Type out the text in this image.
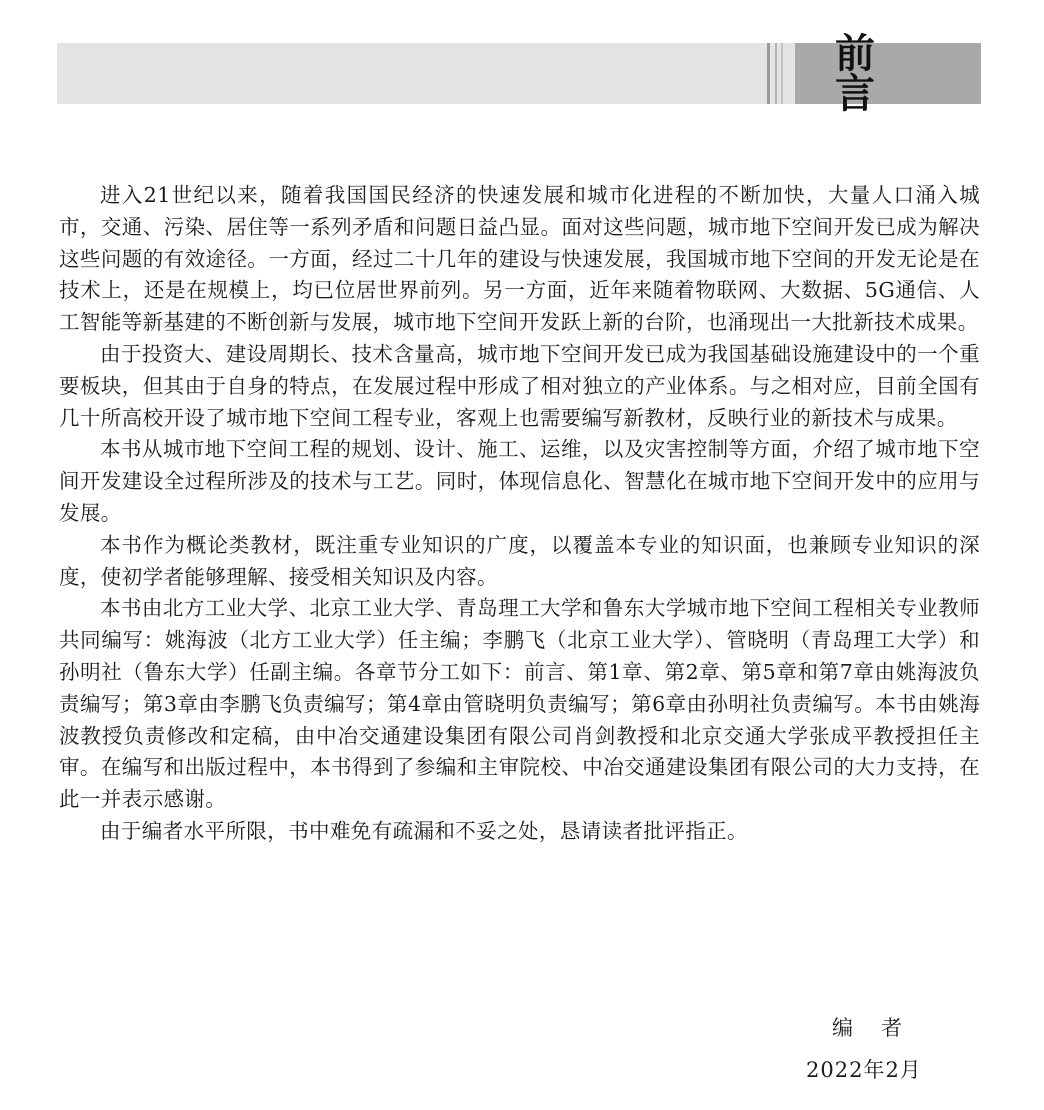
前 言

进入21世纪以来，随着我国国民经济的快速发展和城市化进程的不断加快，大量人口涌入城市，交通、污染、居住等一系列矛盾和问题日益凸显。面对这些问题，城市地下空间开发已成为解决这些问题的有效途径。一方面，经过二十几年的建设与快速发展，我国城市地下空间的开发无论是在技术上，还是在规模上，均已位居世界前列。另一方面，近年来随着物联网、大数据、5G通信、人工智能等新基建的不断创新与发展，城市地下空间开发跃上新的台阶，也涌现出一大批新技术成果。

由于投资大、建设周期长、技术含量高，城市地下空间开发已成为我国基础设施建设中的一个重要板块，但其由于自身的特点，在发展过程中形成了相对独立的产业体系。与之相对应，目前全国有几十所高校开设了城市地下空间工程专业，客观上也需要编写新教材，反映行业的新技术与成果。

本书从城市地下空间工程的规划、设计、施工、运维，以及灾害控制等方面，介绍了城市地下空间开发建设全过程所涉及的技术与工艺。同时，体现信息化、智慧化在城市地下空间开发中的应用与发展。

本书作为概论类教材，既注重专业知识的广度，以覆盖本专业的知识面，也兼顾专业知识的深度，使初学者能够理解、接受相关知识及内容。

本书由北方工业大学、北京工业大学、青岛理工大学和鲁东大学城市地下空间工程相关专业教师共同编写：姚海波（北方工业大学）任主编；李鹏飞（北京工业大学）、管晓明（青岛理工大学）和孙明社（鲁东大学）任副主编。各章节分工如下：前言、第1章、第2章、第5章和第7章由姚海波负责编写；第3章由李鹏飞负责编写；第4章由管晓明负责编写；第6章由孙明社负责编写。本书由姚海波教授负责修改和定稿，由中冶交通建设集团有限公司肖剑教授和北京交通大学张成平教授担任主审。在编写和出版过程中，本书得到了参编和主审院校、中冶交通建设集团有限公司的大力支持，在此一并表示感谢。

由于编者水平所限，书中难免有疏漏和不妥之处，恳请读者批评指正。

编者
2022年2月
